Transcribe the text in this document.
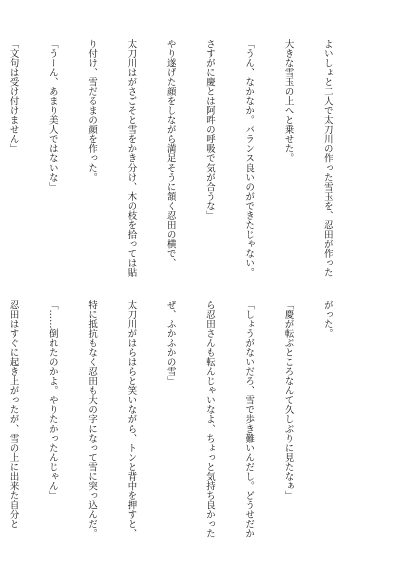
よいしょと二人で太刀川の作った雪玉を、忍田が作った

大きな雪玉の上へと乗せた。

「うん、なかなか。バランス良いのができたじゃない。

さすがに慶とは阿吽の呼吸で気が合うな」

やり遂げた顔をしながら満足そうに頷く忍田の横で、

太刀川はがさごそと雪をかき分け、木の枝を拾っては貼

り付け、雪だるまの顔を作った。

「うーん、あまり美人ではないな」

「文句は受け付けません」

がった。

「慶が転ぶところなんて久しぶりに見たなぁ」

「しょうがないだろ、雪で歩き難いんだし。どうせだか

ら忍田さんも転んじゃいなよ、ちょっと気持ち良かった

ぜ、ふかふかの雪」

太刀川がはらはらと笑いながら、トンと背中を押すと、

特に抵抗もなく忍田も大の字になって雪に突っ込んだ。

「……倒れたのかよ。やりたかったんじゃん」

忍田はすぐに起き上がったが、雪の上に出来た自分と
